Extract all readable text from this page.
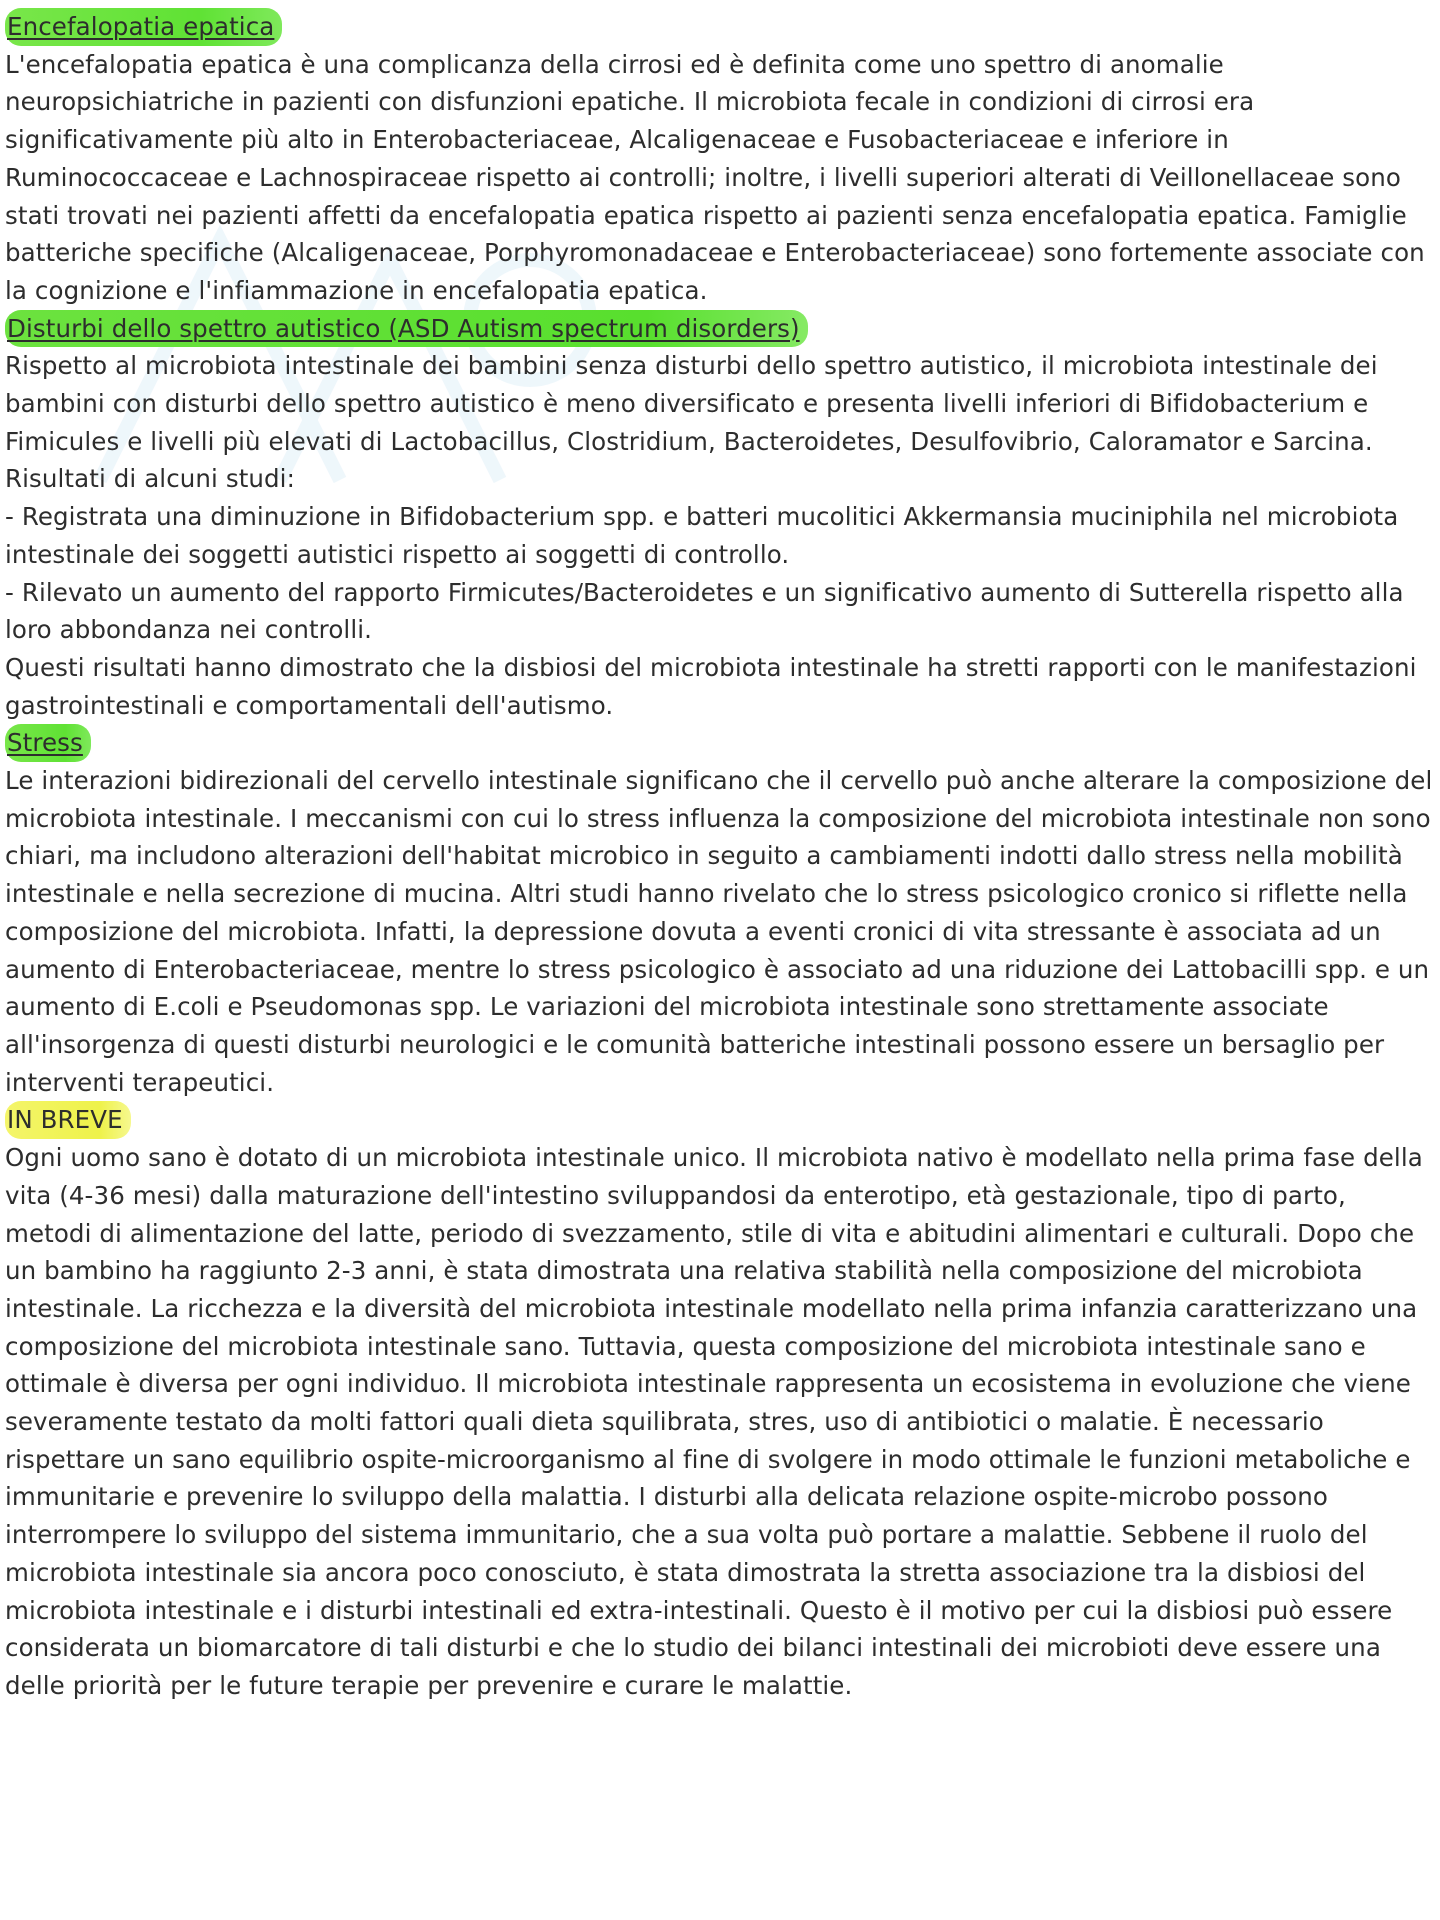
Encefalopatia epatica

L'encefalopatia epatica è una complicanza della cirrosi ed è definita come uno spettro di anomalie neuropsichiatriche in pazienti con disfunzioni epatiche. Il microbiota fecale in condizioni di cirrosi era significativamente più alto in Enterobacteriaceae, Alcaligenaceae e Fusobacteriaceae e inferiore in Ruminococcaceae e Lachnospiraceae rispetto ai controlli; inoltre, i livelli superiori alterati di Veillonellaceae sono stati trovati nei pazienti affetti da encefalopatia epatica rispetto ai pazienti senza encefalopatia epatica. Famiglie batteriche specifiche (Alcaligenaceae, Porphyromonadaceae e Enterobacteriaceae) sono fortemente associate con la cognizione e l'infiammazione in encefalopatia epatica.

Disturbi dello spettro autistico (ASD Autism spectrum disorders)

Rispetto al microbiota intestinale dei bambini senza disturbi dello spettro autistico, il microbiota intestinale dei bambini con disturbi dello spettro autistico è meno diversificato e presenta livelli inferiori di Bifidobacterium e Fimicules e livelli più elevati di Lactobacillus, Clostridium, Bacteroidetes, Desulfovibrio, Caloramator e Sarcina. Risultati di alcuni studi:

- Registrata una diminuzione in Bifidobacterium spp. e batteri mucolitici Akkermansia muciniphila nel microbiota intestinale dei soggetti autistici rispetto ai soggetti di controllo.

- Rilevato un aumento del rapporto Firmicutes/Bacteroidetes e un significativo aumento di Sutterella rispetto alla loro abbondanza nei controlli.

Questi risultati hanno dimostrato che la disbiosi del microbiota intestinale ha stretti rapporti con le manifestazioni gastrointestinali e comportamentali dell'autismo.

Stress

Le interazioni bidirezionali del cervello intestinale significano che il cervello può anche alterare la composizione del microbiota intestinale. I meccanismi con cui lo stress influenza la composizione del microbiota intestinale non sono chiari, ma includono alterazioni dell'habitat microbico in seguito a cambiamenti indotti dallo stress nella mobilità intestinale e nella secrezione di mucina. Altri studi hanno rivelato che lo stress psicologico cronico si riflette nella composizione del microbiota. Infatti, la depressione dovuta a eventi cronici di vita stressante è associata ad un aumento di Enterobacteriaceae, mentre lo stress psicologico è associato ad una riduzione dei Lattobacilli spp. e un aumento di E.coli e Pseudomonas spp. Le variazioni del microbiota intestinale sono strettamente associate all'insorgenza di questi disturbi neurologici e le comunità batteriche intestinali possono essere un bersaglio per interventi terapeutici.

IN BREVE

Ogni uomo sano è dotato di un microbiota intestinale unico. Il microbiota nativo è modellato nella prima fase della vita (4-36 mesi) dalla maturazione dell'intestino sviluppandosi da enterotipo, età gestazionale, tipo di parto, metodi di alimentazione del latte, periodo di svezzamento, stile di vita e abitudini alimentari e culturali. Dopo che un bambino ha raggiunto 2-3 anni, è stata dimostrata una relativa stabilità nella composizione del microbiota intestinale. La ricchezza e la diversità del microbiota intestinale modellato nella prima infanzia caratterizzano una composizione del microbiota intestinale sano. Tuttavia, questa composizione del microbiota intestinale sano e ottimale è diversa per ogni individuo. Il microbiota intestinale rappresenta un ecosistema in evoluzione che viene severamente testato da molti fattori quali dieta squilibrata, stres, uso di antibiotici o malatie. È necessario rispettare un sano equilibrio ospite-microorganismo al fine di svolgere in modo ottimale le funzioni metaboliche e immunitarie e prevenire lo sviluppo della malattia. I disturbi alla delicata relazione ospite-microbo possono interrompere lo sviluppo del sistema immunitario, che a sua volta può portare a malattie. Sebbene il ruolo del microbiota intestinale sia ancora poco conosciuto, è stata dimostrata la stretta associazione tra la disbiosi del microbiota intestinale e i disturbi intestinali ed extra-intestinali. Questo è il motivo per cui la disbiosi può essere considerata un biomarcatore di tali disturbi e che lo studio dei bilanci intestinali dei microbioti deve essere una delle priorità per le future terapie per prevenire e curare le malattie.
